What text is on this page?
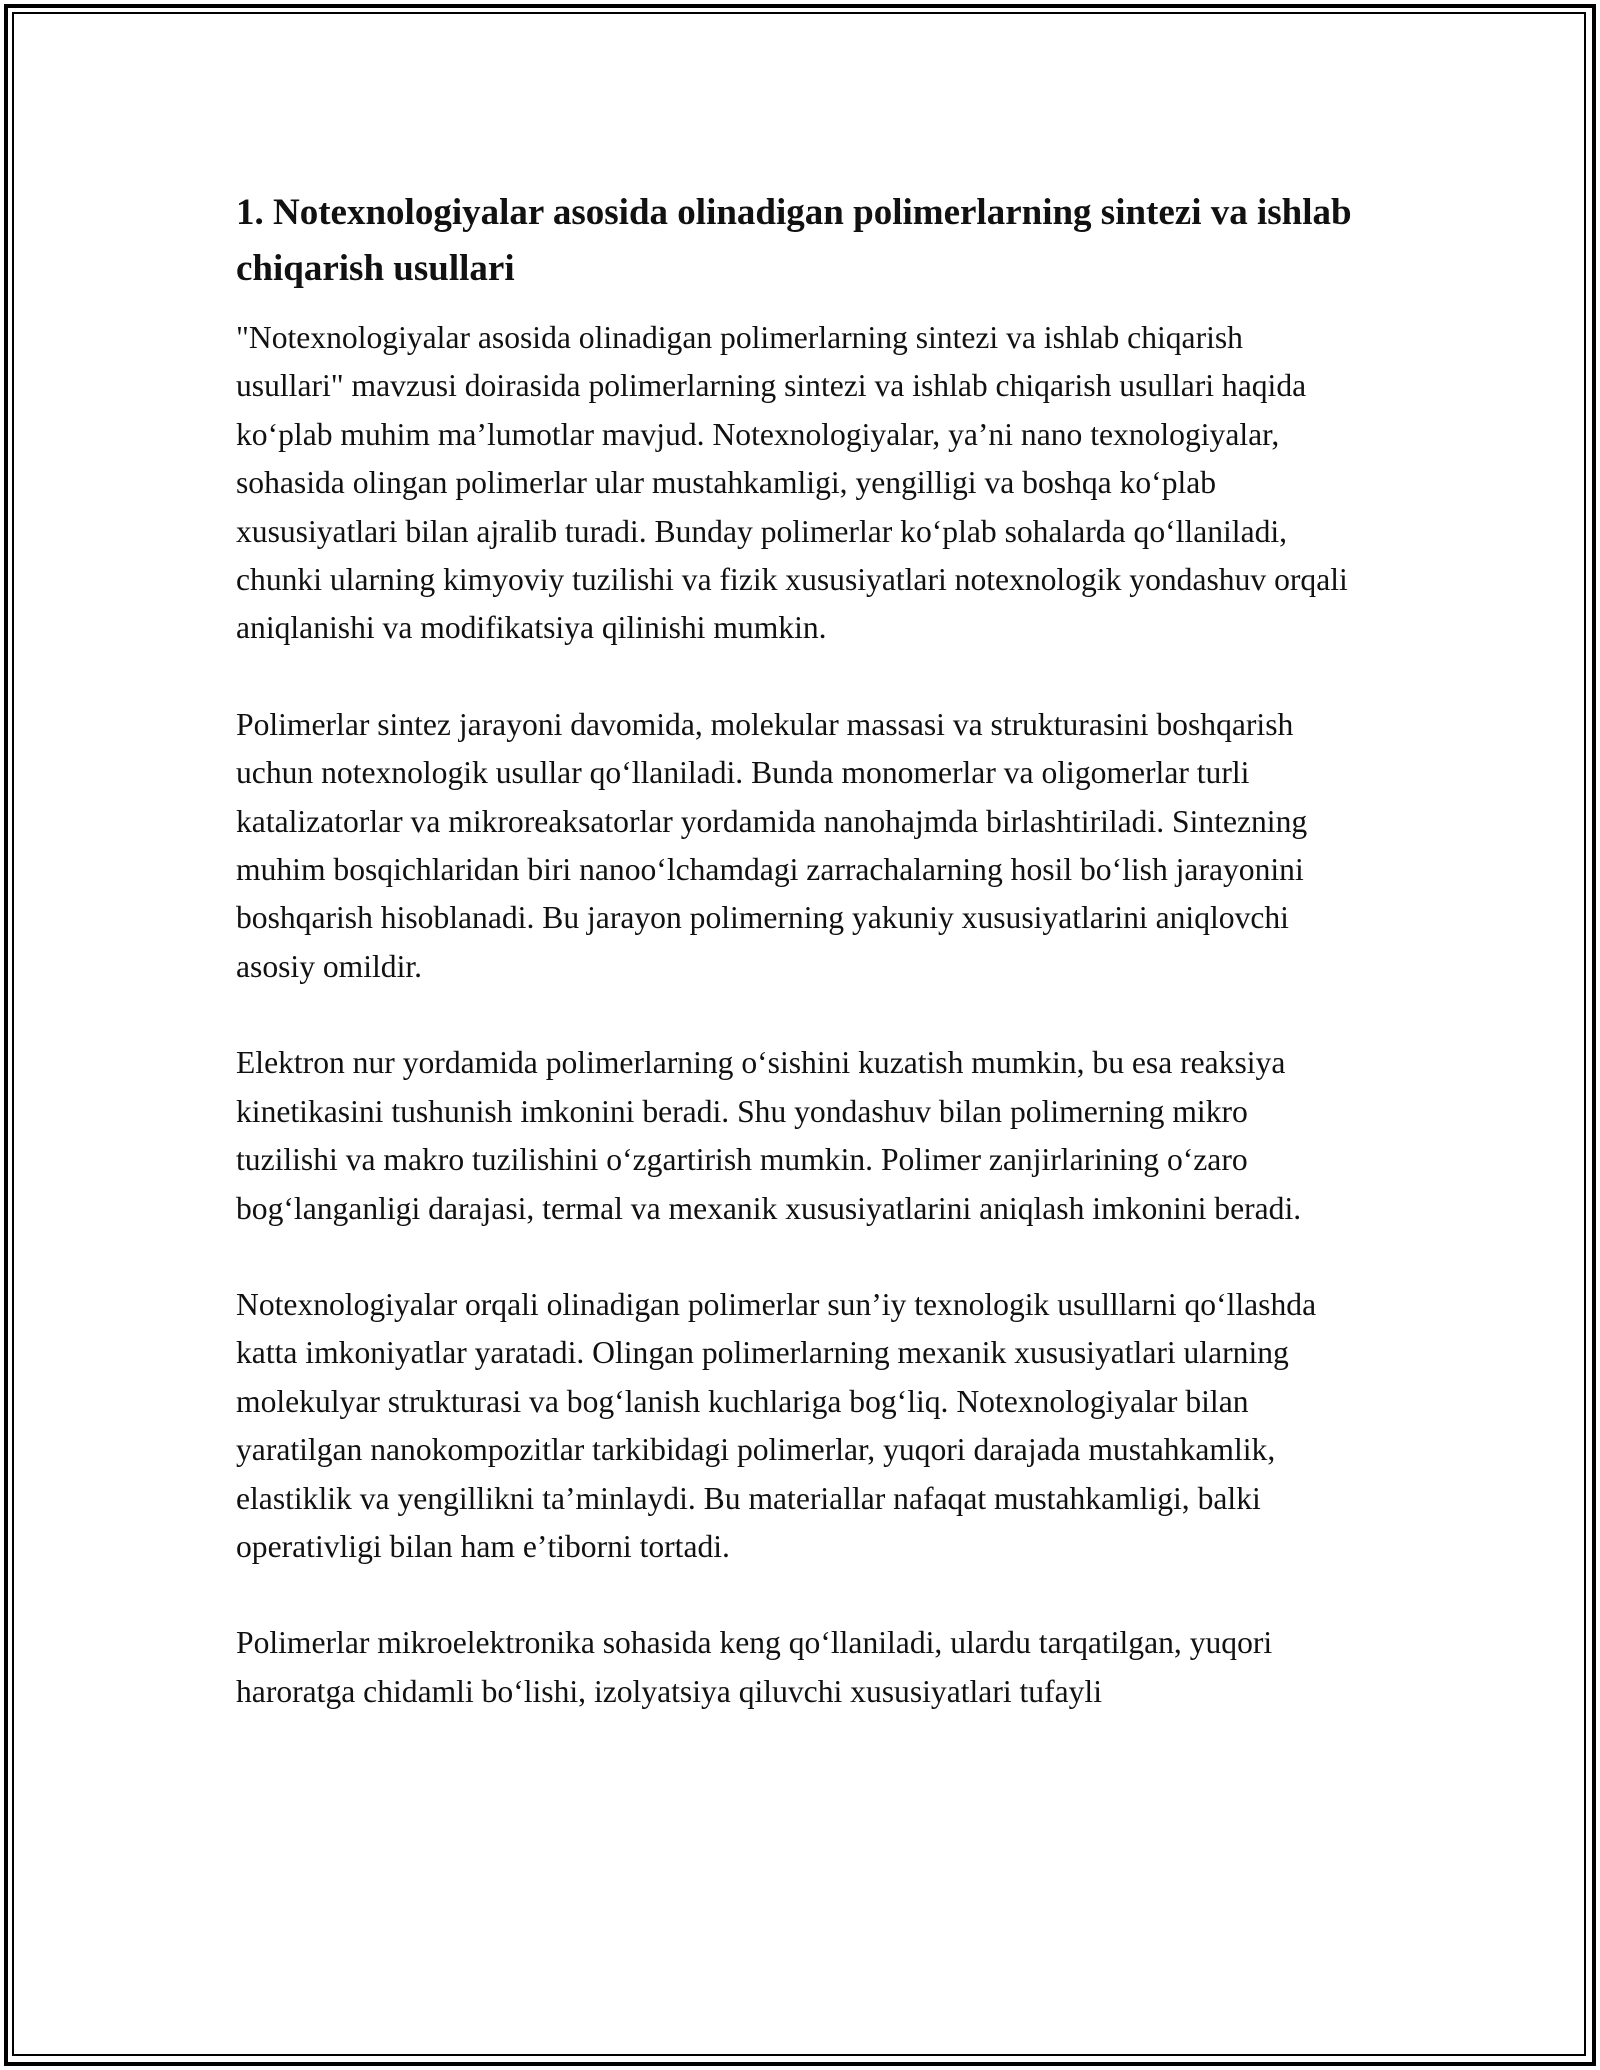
1. Notexnologiyalar asosida olinadigan polimerlarning sintezi va ishlab chiqarish usullari

"Notexnologiyalar asosida olinadigan polimerlarning sintezi va ishlab chiqarish usullari" mavzusi doirasida polimerlarning sintezi va ishlab chiqarish usullari haqida koʻplab muhim maʼlumotlar mavjud. Notexnologiyalar, yaʼni nano texnologiyalar, sohasida olingan polimerlar ular mustahkamligi, yengilligi va boshqa koʻplab xususiyatlari bilan ajralib turadi. Bunday polimerlar koʻplab sohalarda qoʻllaniladi, chunki ularning kimyoviy tuzilishi va fizik xususiyatlari notexnologik yondashuv orqali aniqlanishi va modifikatsiya qilinishi mumkin.

Polimerlar sintez jarayoni davomida, molekular massasi va strukturasini boshqarish uchun notexnologik usullar qoʻllaniladi. Bunda monomerlar va oligomerlar turli katalizatorlar va mikroreaksatorlar yordamida nanohajmda birlashtiriladi. Sintezning muhim bosqichlaridan biri nanooʻlchamdagi zarrachalarning hosil boʻlish jarayonini boshqarish hisoblanadi. Bu jarayon polimerning yakuniy xususiyatlarini aniqlovchi asosiy omildir.

Elektron nur yordamida polimerlarning oʻsishini kuzatish mumkin, bu esa reaksiya kinetikasini tushunish imkonini beradi. Shu yondashuv bilan polimerning mikro tuzilishi va makro tuzilishini oʻzgartirish mumkin. Polimer zanjirlarining oʻzaro bogʻlanganligi darajasi, termal va mexanik xususiyatlarini aniqlash imkonini beradi.

Notexnologiyalar orqali olinadigan polimerlar sunʼiy texnologik usulllarni qoʻllashda katta imkoniyatlar yaratadi. Olingan polimerlarning mexanik xususiyatlari ularning molekulyar strukturasi va bogʻlanish kuchlariga bogʻliq. Notexnologiyalar bilan yaratilgan nanokompozitlar tarkibidagi polimerlar, yuqori darajada mustahkamlik, elastiklik va yengillikni taʼminlaydi. Bu materiallar nafaqat mustahkamligi, balki operativligi bilan ham eʼtiborni tortadi.

Polimerlar mikroelektronika sohasida keng qoʻllaniladi, ulardu tarqatilgan, yuqori haroratga chidamli boʻlishi, izolyatsiya qiluvchi xususiyatlari tufayli
